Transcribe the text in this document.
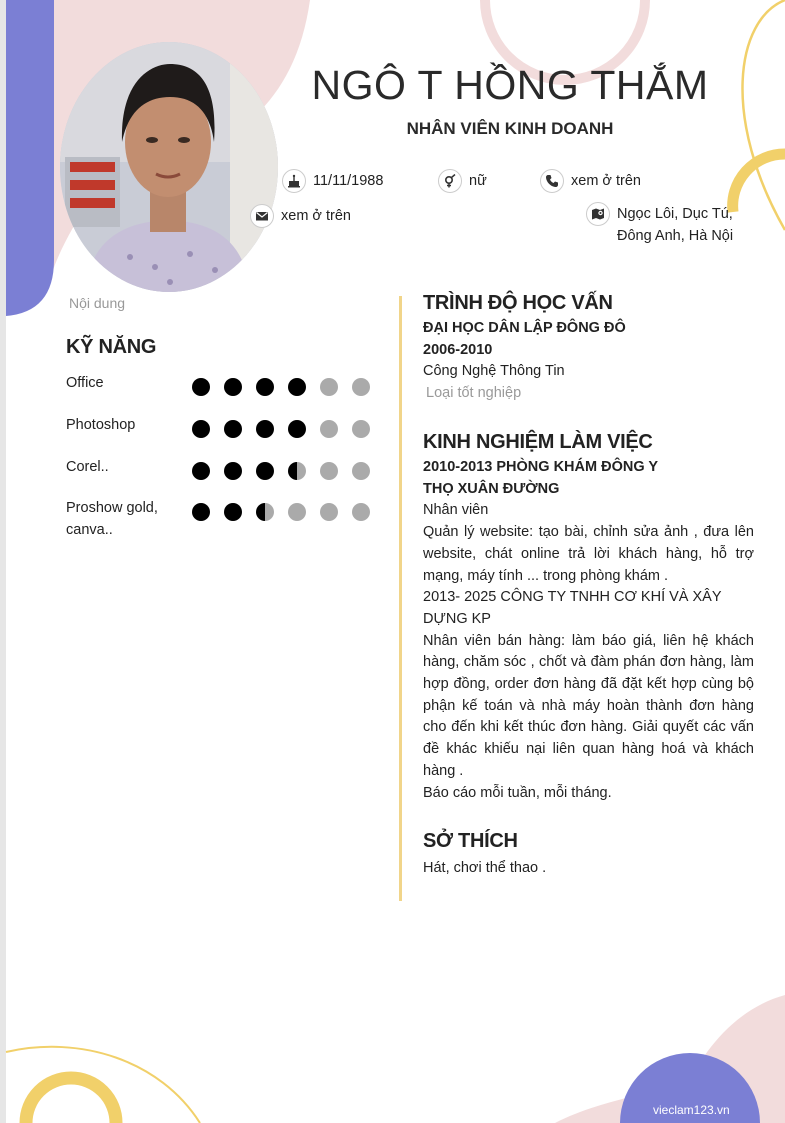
NGÔ T HỒNG THẮM
NHÂN VIÊN KINH DOANH
11/11/1988	nữ	xem ở trên
xem ở trên	Ngọc Lôi, Dục Tú,
Đông Anh, Hà Nội
Nội dung
KỸ NĂNG
Office
Photoshop
Corel..
Proshow gold,
canva..
TRÌNH ĐỘ HỌC VẤN
ĐẠI HỌC DÂN LẬP ĐÔNG ĐÔ
2006-2010
Công Nghệ Thông Tin
Loại tốt nghiệp
KINH NGHIỆM LÀM VIỆC
2010-2013 PHÒNG KHÁM ĐÔNG Y
THỌ XUÂN ĐƯỜNG
Nhân viên
Quản lý website: tạo bài, chỉnh sửa ảnh , đưa lên website, chát online trả lời khách hàng, hỗ trợ mạng, máy tính ... trong phòng khám .
2013- 2025 CÔNG TY TNHH CƠ KHÍ VÀ XÂY DỰNG KP
Nhân viên bán hàng: làm báo giá, liên hệ khách hàng, chăm sóc , chốt và đàm phán đơn hàng, làm hợp đồng, order đơn hàng đã đặt kết hợp cùng bộ phận kế toán và nhà máy hoàn thành đơn hàng cho đến khi kết thúc đơn hàng. Giải quyết các vấn đề khác khiếu nại liên quan hàng hoá và khách hàng .
Báo cáo mỗi tuần, mỗi tháng.
SỞ THÍCH
Hát, chơi thể thao .
vieclam123.vn
